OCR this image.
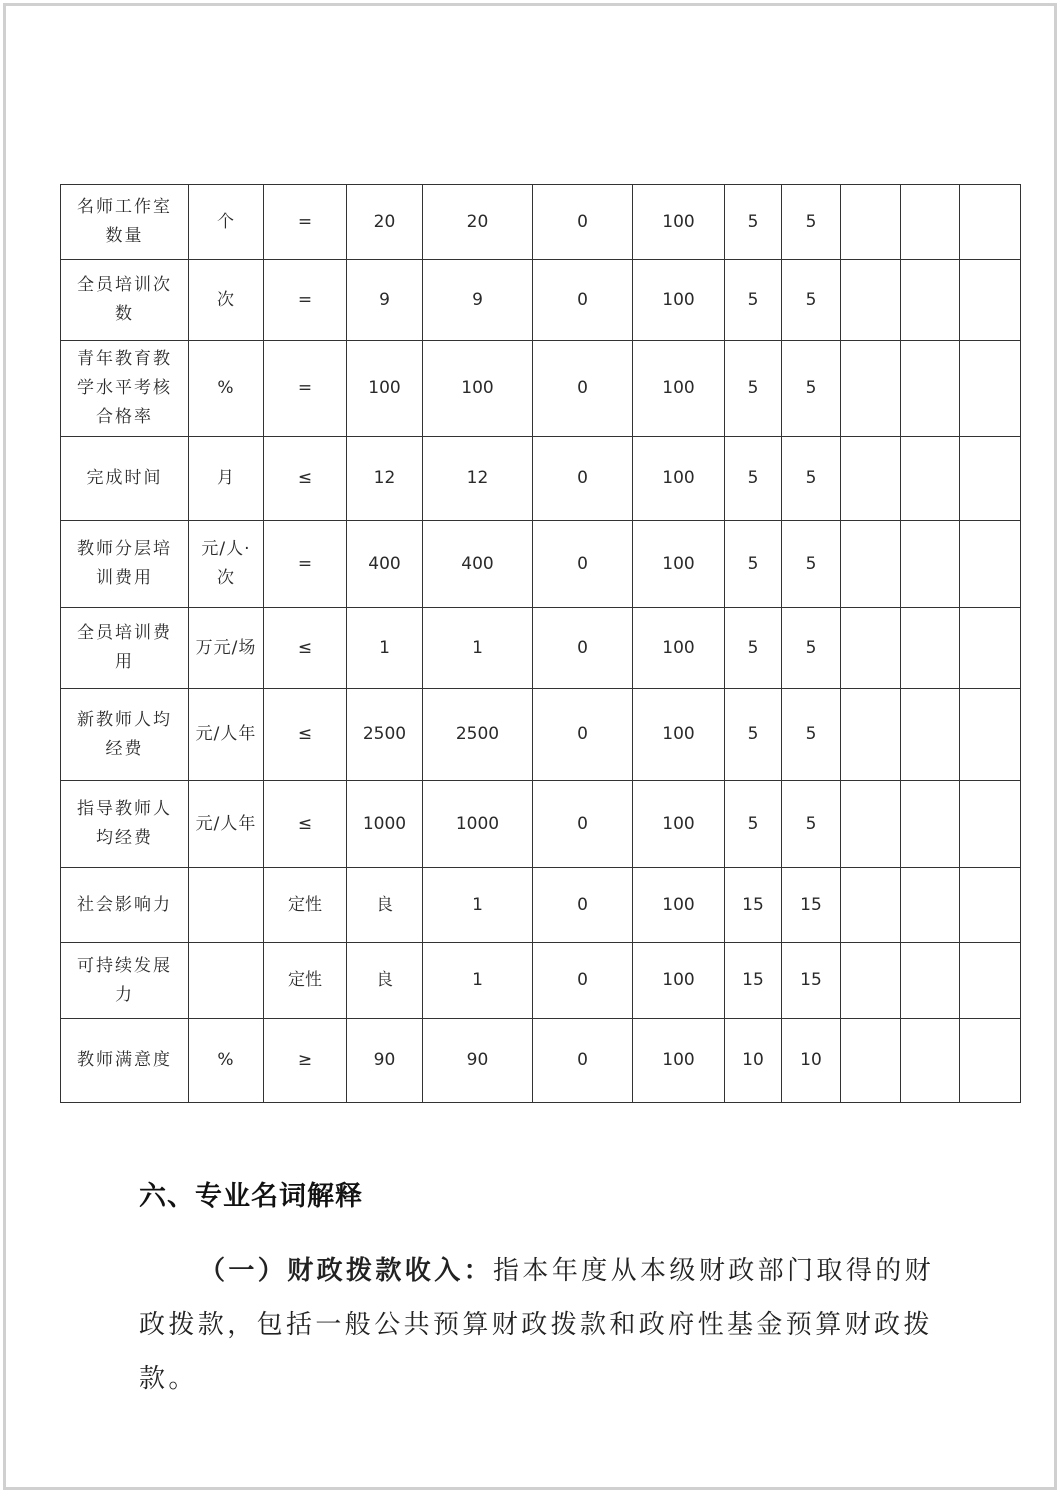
名师工作室数量	个	=	20	20	0	100	5	5			
全员培训次数	次	=	9	9	0	100	5	5			
青年教育教学水平考核合格率	%	=	100	100	0	100	5	5			
完成时间	月	≤	12	12	0	100	5	5			
教师分层培训费用	元/人·次	=	400	400	0	100	5	5			
全员培训费用	万元/场	≤	1	1	0	100	5	5			
新教师人均经费	元/人年	≤	2500	2500	0	100	5	5			
指导教师人均经费	元/人年	≤	1000	1000	0	100	5	5			
社会影响力		定性	良	1	0	100	15	15			
可持续发展力		定性	良	1	0	100	15	15			
教师满意度	%	≥	90	90	0	100	10	10			
六、专业名词解释
（一）财政拨款收入：指本年度从本级财政部门取得的财政拨款，包括一般公共预算财政拨款和政府性基金预算财政拨款。
